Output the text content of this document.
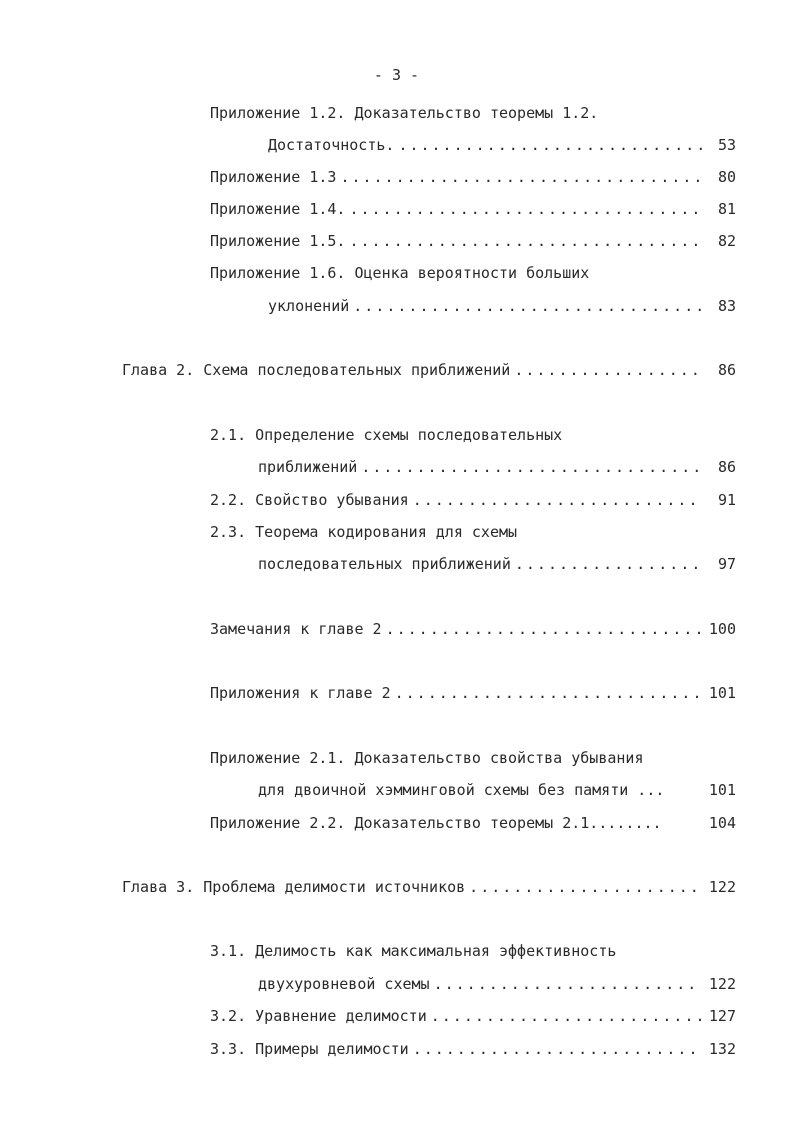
- 3 -
Приложение 1.2. Доказательство теоремы 1.2.
Достаточность. .....	53
Приложение 1.3 .....	80
Приложение 1.4. .....	81
Приложение 1.5. .....	82
Приложение 1.6. Оценка вероятности больших
уклонений .....	83
Глава 2. Схема последовательных приближений .....	86
2.1. Определение схемы последовательных
приближений .....	86
2.2. Свойство убывания .....	91
2.3. Теорема кодирования для схемы
последовательных приближений .....	97
Замечания к главе 2 .....	100
Приложения к главе 2 .....	101
Приложение 2.1. Доказательство свойства убывания
для двоичной хэмминговой схемы без памяти ...	101
Приложение 2.2. Доказательство теоремы 2.1........	104
Глава 3. Проблема делимости источников .....	122
3.1. Делимость как максимальная эффективность
двухуровневой схемы .....	122
3.2. Уравнение делимости .....	127
3.3. Примеры делимости .....	132
